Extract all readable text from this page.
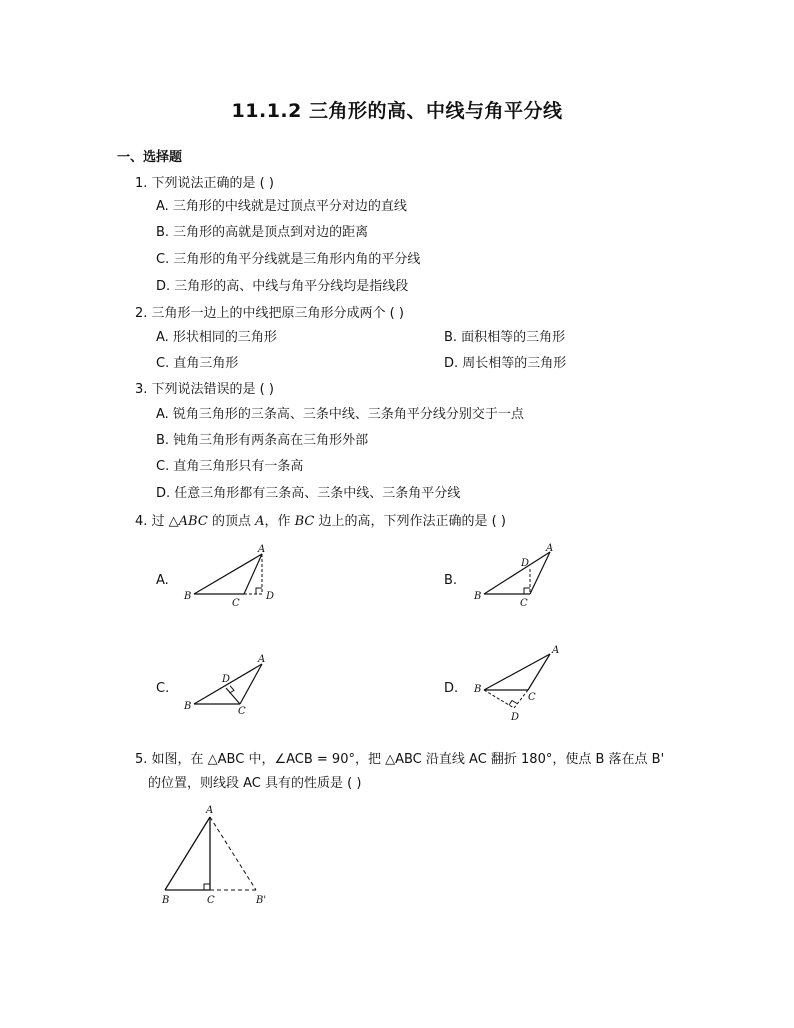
11.1.2 三角形的高、中线与角平分线
一、选择题
1. 下列说法正确的是 ( )
A. 三角形的中线就是过顶点平分对边的直线
B. 三角形的高就是顶点到对边的距离
C. 三角形的角平分线就是三角形内角的平分线
D. 三角形的高、中线与角平分线均是指线段
2. 三角形一边上的中线把原三角形分成两个 ( )
A. 形状相同的三角形	B. 面积相等的三角形
C. 直角三角形	D. 周长相等的三角形
3. 下列说法错误的是 ( )
A. 锐角三角形的三条高、三条中线、三条角平分线分别交于一点
B. 钝角三角形有两条高在三角形外部
C. 直角三角形只有一条高
D. 任意三角形都有三条高、三条中线、三条角平分线
4. 过 △ABC 的顶点 A，作 BC 边上的高，下列作法正确的是 ( )
A.	B.
C.	D.
A
B
C
D
A
D
B
C
A
D
B	C
A
B
C
D
5. 如图，在 △ABC 中，∠ACB = 90°，把 △ABC 沿直线 AC 翻折 180°，使点 B 落在点 B'
的位置，则线段 AC 具有的性质是 ( )
A
B	C	B'
